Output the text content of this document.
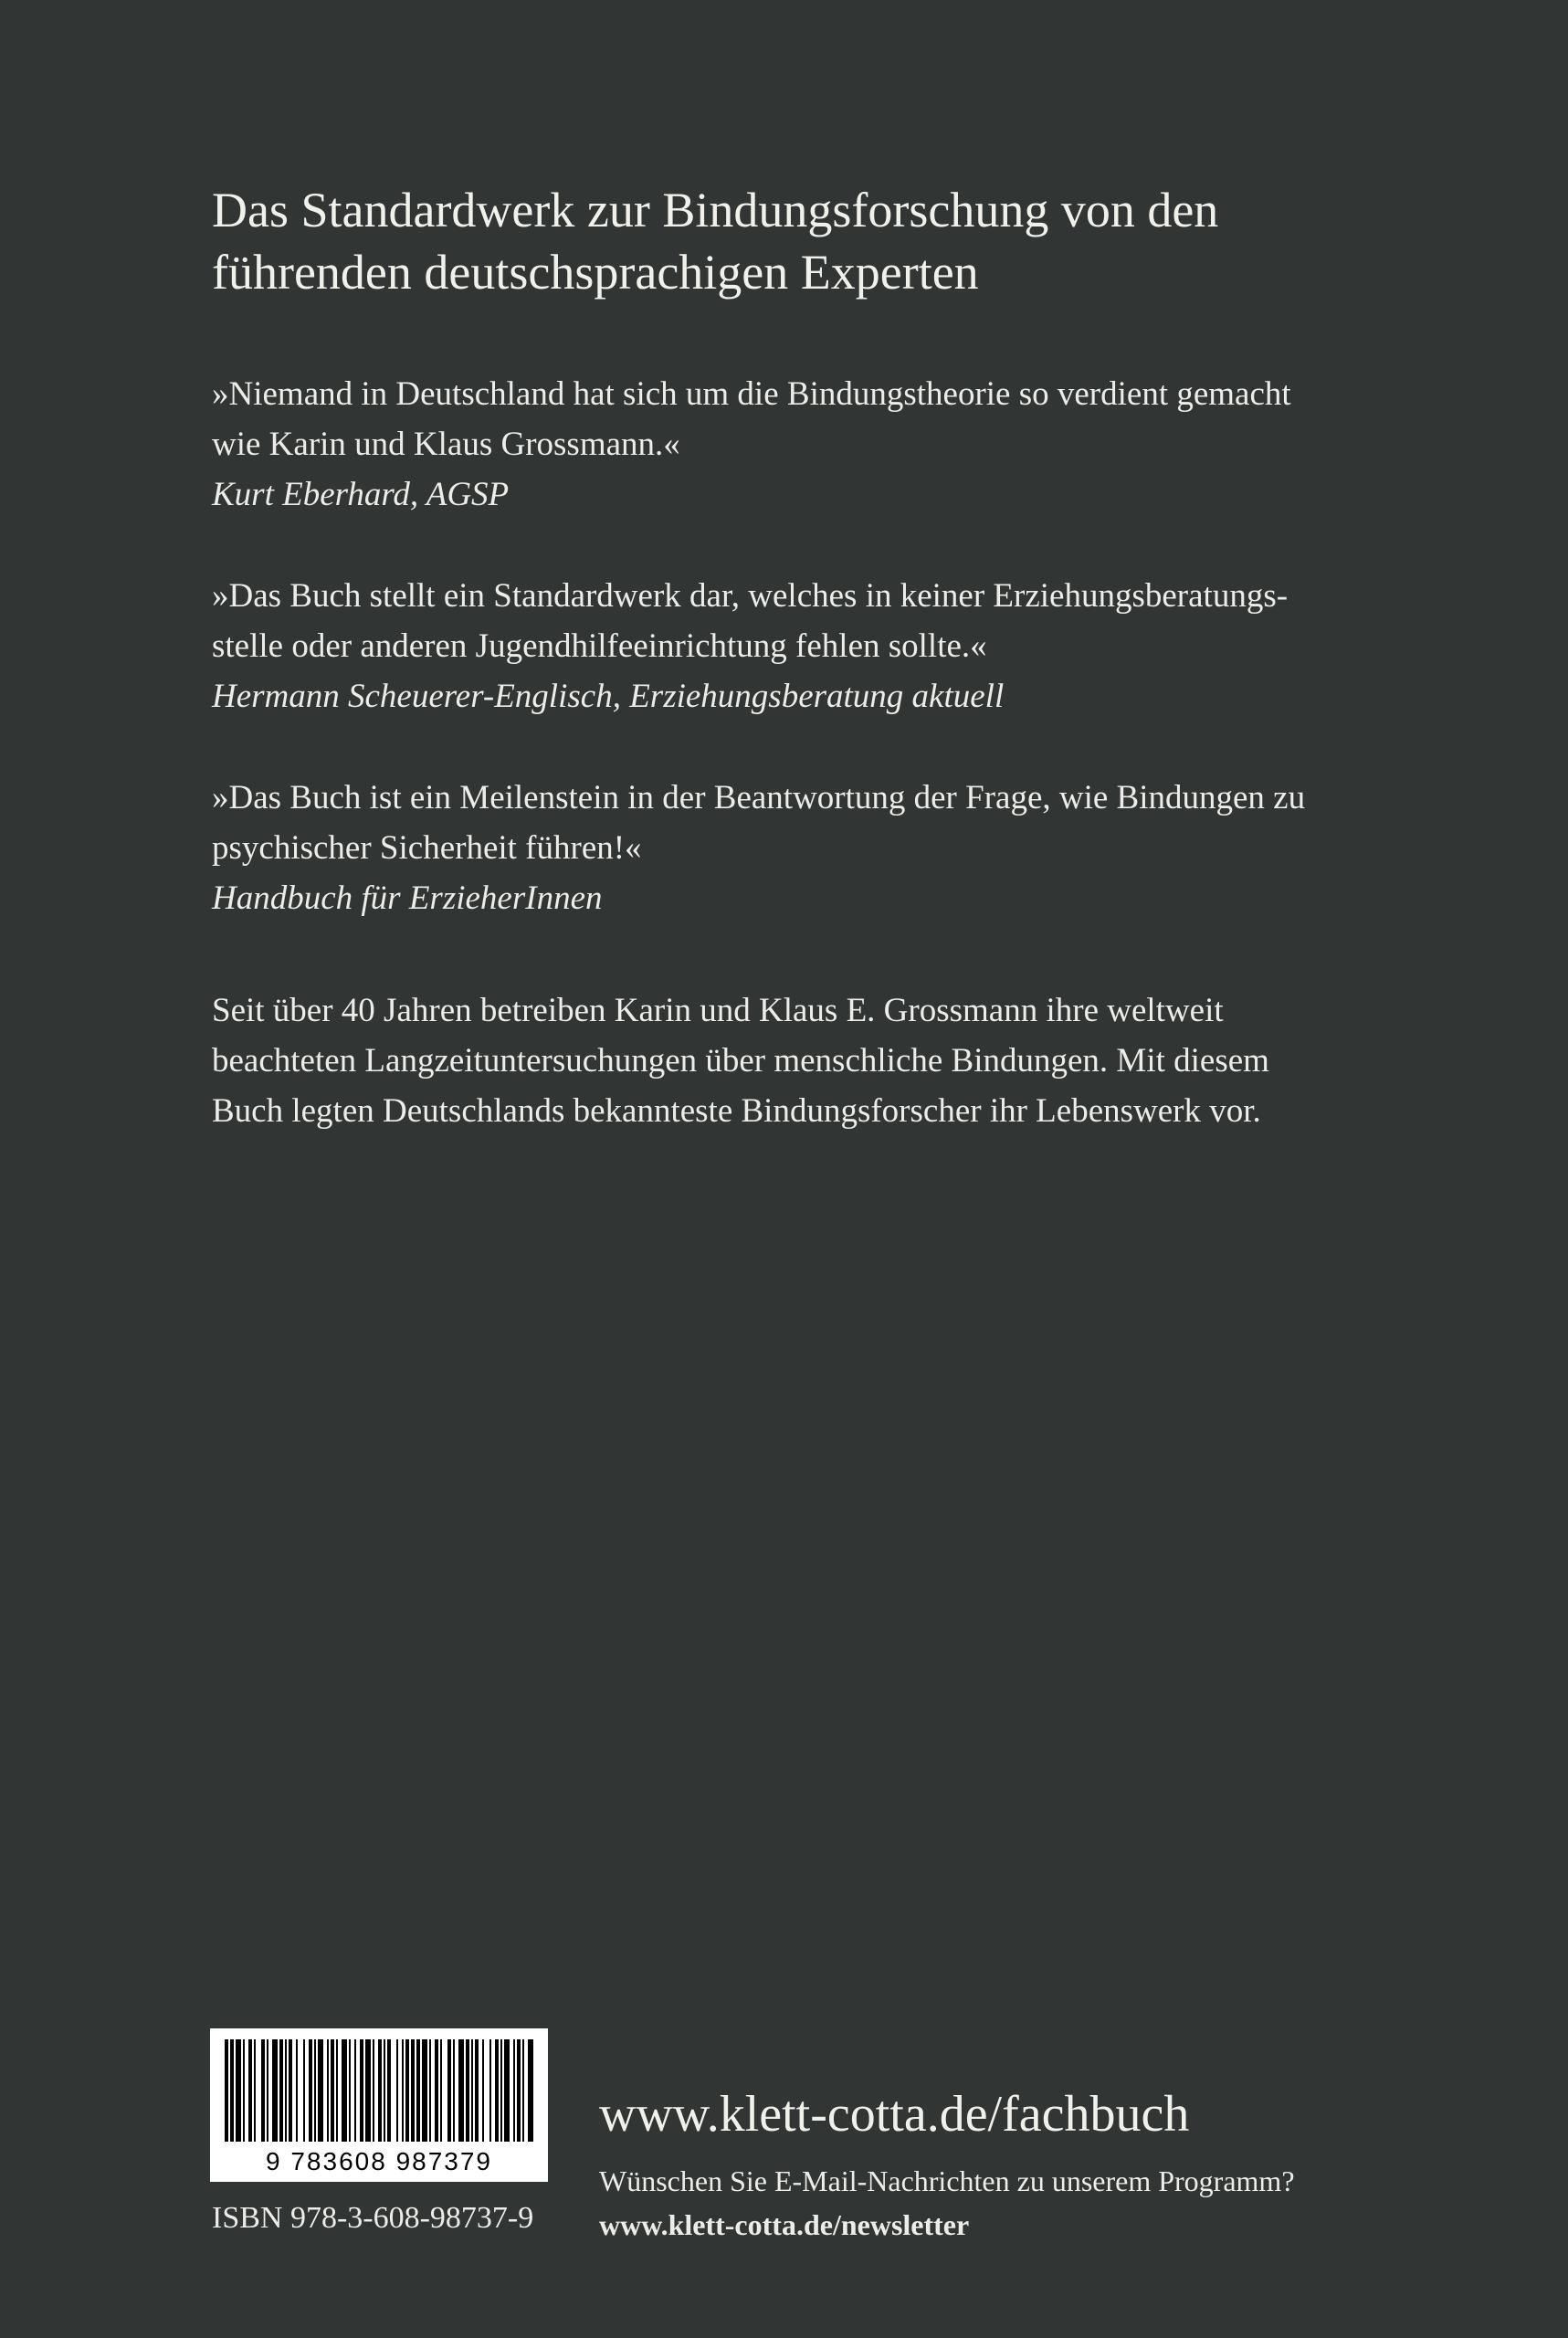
Das Standardwerk zur Bindungsforschung von den
führenden deutschsprachigen Experten
»Niemand in Deutschland hat sich um die Bindungstheorie so verdient gemacht
wie Karin und Klaus Grossmann.«
Kurt Eberhard, AGSP
»Das Buch stellt ein Standardwerk dar, welches in keiner Erziehungsberatungs-
stelle oder anderen Jugendhilfeeinrichtung fehlen sollte.«
Hermann Scheuerer-Englisch, Erziehungsberatung aktuell
»Das Buch ist ein Meilenstein in der Beantwortung der Frage, wie Bindungen zu
psychischer Sicherheit führen!«
Handbuch für ErzieherInnen
Seit über 40 Jahren betreiben Karin und Klaus E. Grossmann ihre weltweit
beachteten Langzeituntersuchungen über menschliche Bindungen. Mit diesem
Buch legten Deutschlands bekannteste Bindungsforscher ihr Lebenswerk vor.
9 783608 987379
ISBN 978-3-608-98737-9
www.klett-cotta.de/fachbuch
Wünschen Sie E-Mail-Nachrichten zu unserem Programm?
www.klett-cotta.de/newsletter
